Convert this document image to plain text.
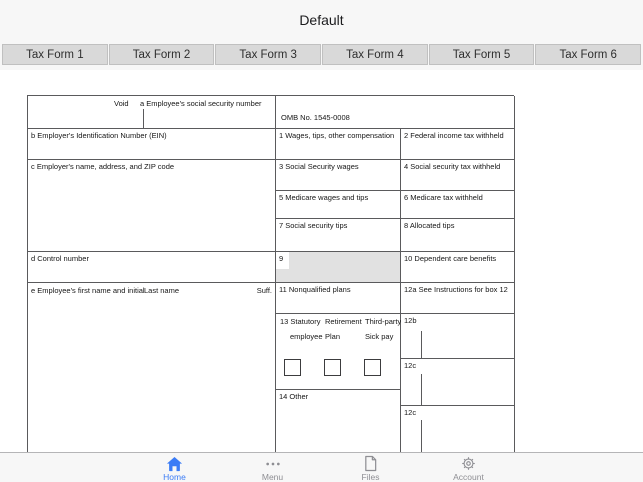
Default
Tax Form 1	Tax Form 2	Tax Form 3	Tax Form 4	Tax Form 5	Tax Form 6
Void a Employee's social security number
b Employer's Identification Number (EIN)
c Employer's name, address, and ZIP code
d Control number
e Employee's first name and initial Last name	Suff.
OMB No. 1545-0008
1 Wages, tips, other compensation
3 Social Security wages
5 Medicare wages and tips
7 Social security tips
9
11 Nonqualified plans
13 Statutory Retirement Third-party
employee Plan	Sick pay
14 Other
2 Federal income tax withheld
4 Social security tax withheld
6 Medicare tax withheld
8 Allocated tips
10 Dependent care benefits
12a See Instructions for box 12
12b
12c
12c
Home	Menu	Files	Account
